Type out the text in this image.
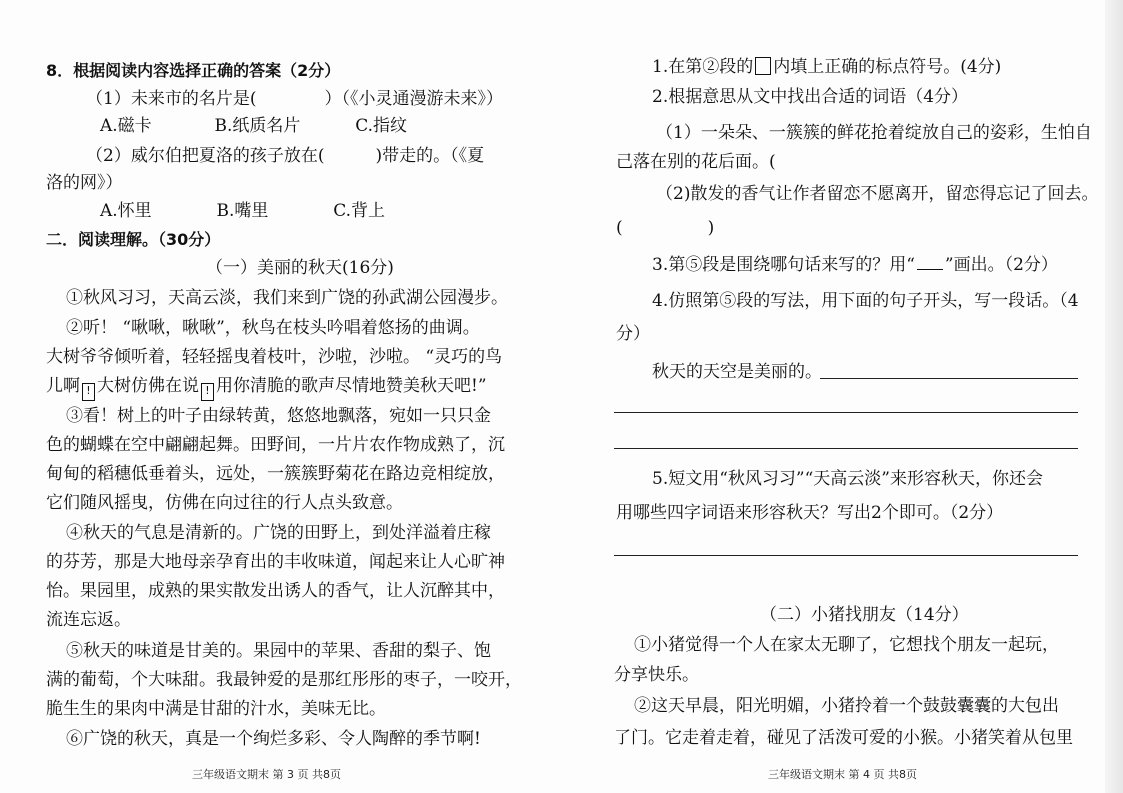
8．根据阅读内容选择正确的答案（2分）
（1）未来市的名片是(　　　　）（《小灵通漫游未来》）
A.磁卡	B.纸质名片	C.指纹
（2）威尔伯把夏洛的孩子放在(　　　)带走的。（《夏
洛的网》）
A.怀里	B.嘴里	C.背上
二．阅读理解。（30分）
（一）美丽的秋天(16分)
①秋风习习，天高云淡，我们来到广饶的孙武湖公园漫步。
②听！ “啾啾，啾啾”，秋鸟在枝头吟唱着悠扬的曲调。
大树爷爷倾听着，轻轻摇曳着枝叶，沙啦，沙啦。 “灵巧的鸟
儿啊 ! 大树仿佛在说 ! 用你清脆的歌声尽情地赞美秋天吧!”
③看！树上的叶子由绿转黄，悠悠地飘落，宛如一只只金
色的蝴蝶在空中翩翩起舞。田野间，一片片农作物成熟了，沉
甸甸的稻穗低垂着头，远处，一簇簇野菊花在路边竞相绽放，
它们随风摇曳，仿佛在向过往的行人点头致意。
④秋天的气息是清新的。广饶的田野上，到处洋溢着庄稼
的芬芳，那是大地母亲孕育出的丰收味道，闻起来让人心旷神
怡。果园里，成熟的果实散发出诱人的香气，让人沉醉其中，
流连忘返。
⑤秋天的味道是甘美的。果园中的苹果、香甜的梨子、饱
满的葡萄，个大味甜。我最钟爱的是那红彤彤的枣子，一咬开，
脆生生的果肉中满是甘甜的汁水，美味无比。
⑥广饶的秋天，真是一个绚烂多彩、令人陶醉的季节啊!
三年级语文期末 第 3 页 共8页
1.在第②段的 内填上正确的标点符号。(4分)
2.根据意思从文中找出合适的词语（4分）
（1）一朵朵、一簇簇的鲜花抢着绽放自己的姿彩，生怕自
己落在别的花后面。(
（2)散发的香气让作者留恋不愿离开，留恋得忘记了回去。
(　　　　　)
3.第⑤段是围绕哪句话来写的？用“ ”画出。（2分）
4.仿照第⑤段的写法，用下面的句子开头，写一段话。（4
分）
秋天的天空是美丽的。
5.短文用“秋风习习”“天高云淡”来形容秋天，你还会
用哪些四字词语来形容秋天？写出2个即可。（2分）
（二）小猪找朋友（14分）
①小猪觉得一个人在家太无聊了，它想找个朋友一起玩，
分享快乐。
②这天早晨，阳光明媚，小猪拎着一个鼓鼓囊囊的大包出
了门。它走着走着，碰见了活泼可爱的小猴。小猪笑着从包里
三年级语文期末 第 4 页 共8页
